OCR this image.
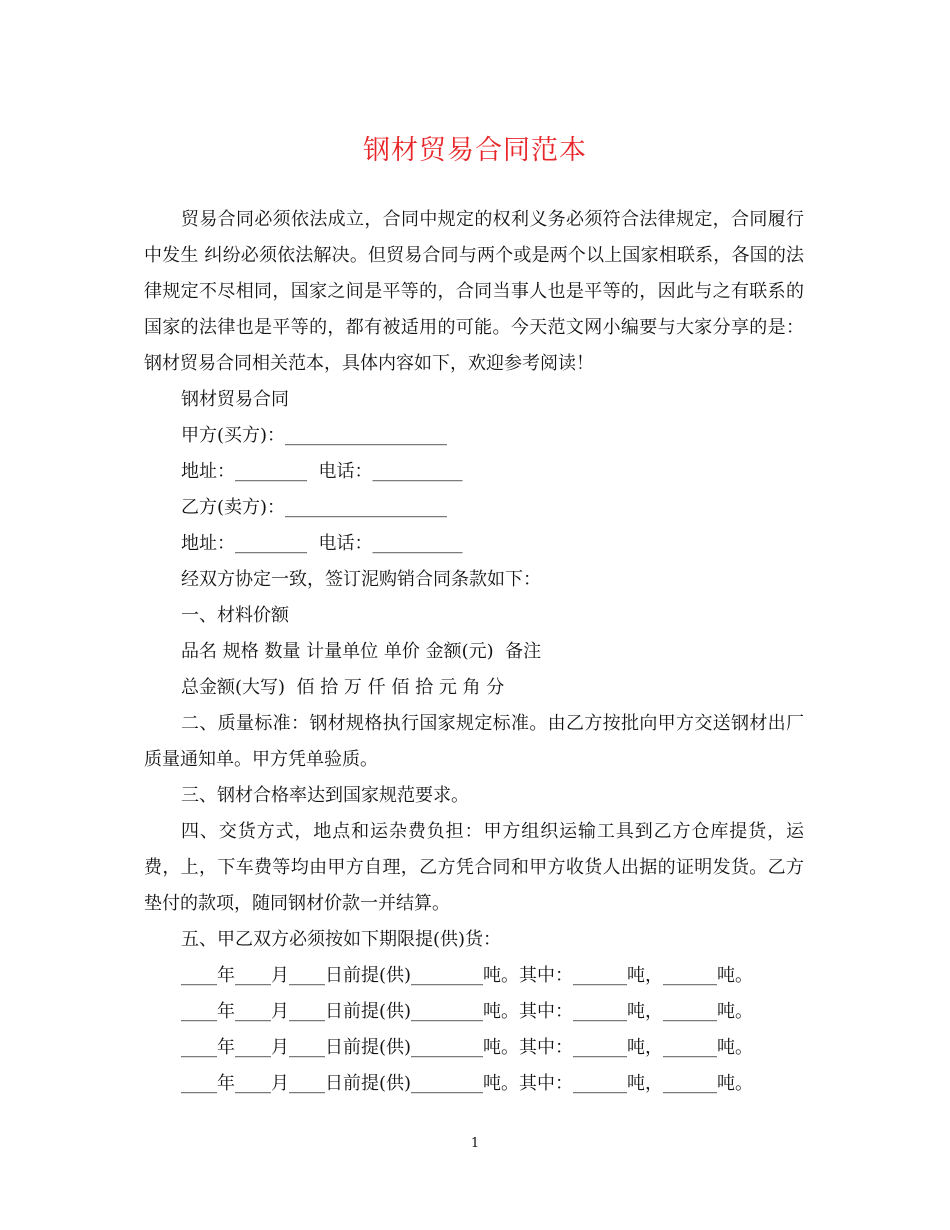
钢材贸易合同范本

贸易合同必须依法成立，合同中规定的权利义务必须符合法律规定，合同履行中发生 纠纷必须依法解决。但贸易合同与两个或是两个以上国家相联系，各国的法律规定不尽相同，国家之间是平等的，合同当事人也是平等的，因此与之有联系的国家的法律也是平等的，都有被适用的可能。今天范文网小编要与大家分享的是：钢材贸易合同相关范本，具体内容如下，欢迎参考阅读！

钢材贸易合同

甲方(买方)：__________________

地址：________  电话：__________

乙方(卖方)：__________________

地址：________  电话：__________

经双方协定一致，签订泥购销合同条款如下：

一、材料价额

品名 规格 数量 计量单位 单价 金额(元)  备注

总金额(大写)  佰 拾 万 仟 佰 拾 元 角 分

二、质量标准：钢材规格执行国家规定标准。由乙方按批向甲方交送钢材出厂质量通知单。甲方凭单验质。

三、钢材合格率达到国家规范要求。

四、交货方式，地点和运杂费负担：甲方组织运输工具到乙方仓库提货，运费，上，下车费等均由甲方自理，乙方凭合同和甲方收货人出据的证明发货。乙方垫付的款项，随同钢材价款一并结算。

五、甲乙双方必须按如下期限提(供)货：

____年____月____日前提(供)________吨。其中：______吨，______吨。

____年____月____日前提(供)________吨。其中：______吨，______吨。

____年____月____日前提(供)________吨。其中：______吨，______吨。

____年____月____日前提(供)________吨。其中：______吨，______吨。

1
